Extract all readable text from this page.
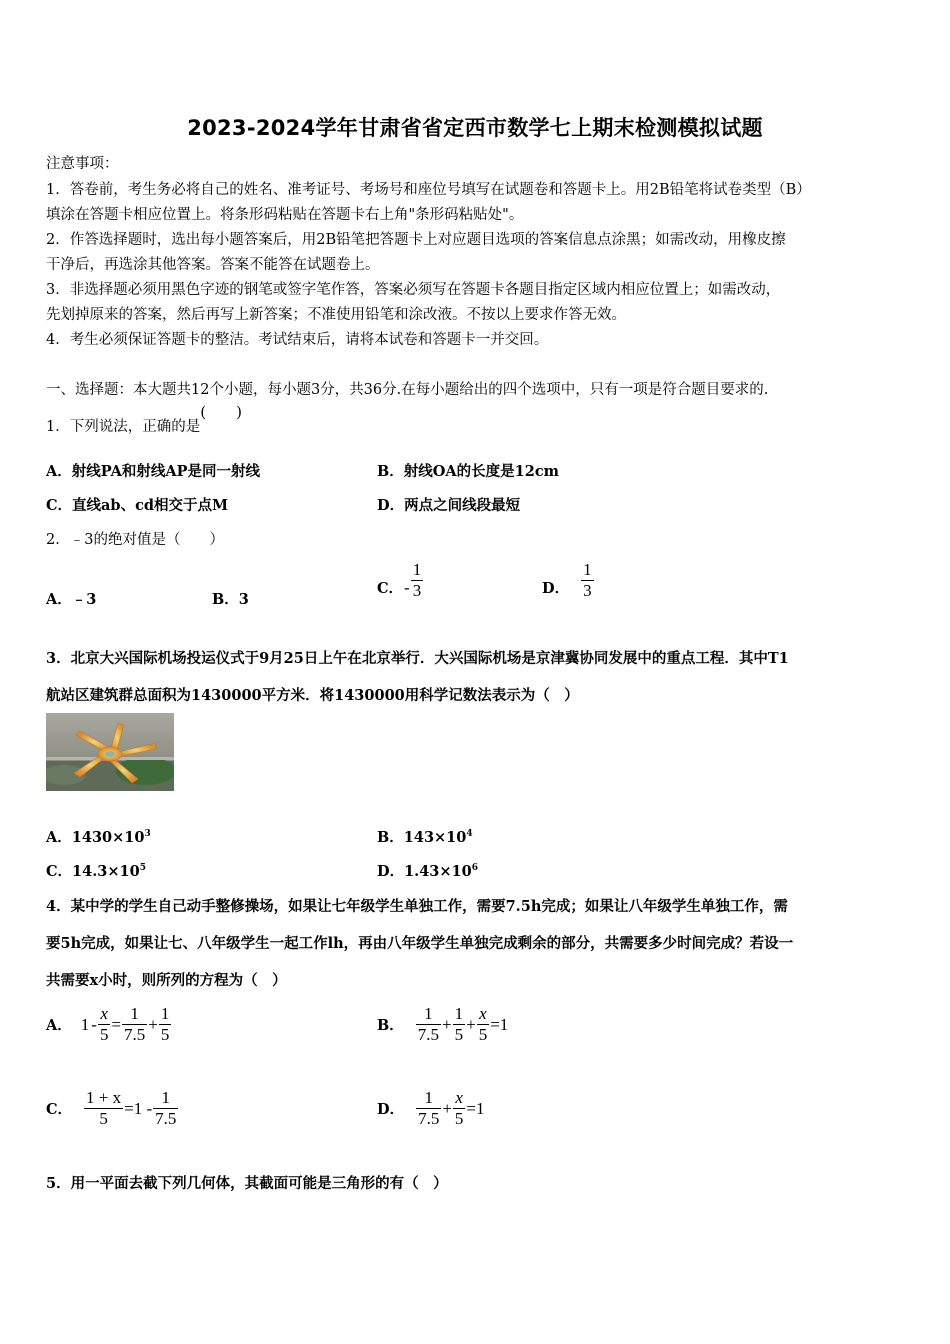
2023-2024学年甘肃省省定西市数学七上期末检测模拟试题
注意事项：
1．答卷前，考生务必将自己的姓名、准考证号、考场号和座位号填写在试题卷和答题卡上。用2B铅笔将试卷类型（B）
填涂在答题卡相应位置上。将条形码粘贴在答题卡右上角"条形码粘贴处"。
2．作答选择题时，选出每小题答案后，用2B铅笔把答题卡上对应题目选项的答案信息点涂黑；如需改动，用橡皮擦
干净后，再选涂其他答案。答案不能答在试题卷上。
3．非选择题必须用黑色字迹的钢笔或签字笔作答，答案必须写在答题卡各题目指定区域内相应位置上；如需改动，
先划掉原来的答案，然后再写上新答案；不准使用铅笔和涂改液。不按以上要求作答无效。
4．考生必须保证答题卡的整洁。考试结束后，请将本试卷和答题卡一并交回。
一、选择题：本大题共12个小题，每小题3分，共36分.在每小题给出的四个选项中，只有一项是符合题目要求的.
1．下列说法，正确的是(　　)
A．射线PA和射线AP是同一射线	B．射线OA的长度是12cm
C．直线ab、cd相交于点M	D．两点之间线段最短
2．﹣3的绝对值是（　　）
A．﹣3	B．3
C． - $\frac{1}{3}$	D． $\frac{1}{3}$
3．北京大兴国际机场投运仪式于9月25日上午在北京举行．大兴国际机场是京津冀协同发展中的重点工程．其中T1
航站区建筑群总面积为1430000平方米．将1430000用科学记数法表示为（　）
A．$1430\times 10^3$	B．$143\times 10^4$
C．$14.3\times 10^5$	D．$1.43\times 10^6$
4．某中学的学生自己动手整修操场，如果让七年级学生单独工作，需要7.5h完成；如果让八年级学生单独工作，需
要5h完成，如果让七、八年级学生一起工作lh，再由八年级学生单独完成剩余的部分，共需要多少时间完成？若设一
共需要x小时，则所列的方程为（　）
A． $1 - \frac{x}{5} = \frac{1}{7.5} + \frac{1}{5}$	B． $\frac{1}{7.5} + \frac{1}{5} + \frac{x}{5} =1$
C． $\frac{1 + x}{5} =1 - \frac{1}{7.5}$	D． $\frac{1}{7.5} + \frac{x}{5} =1$
5．用一平面去截下列几何体，其截面可能是三角形的有（　）
